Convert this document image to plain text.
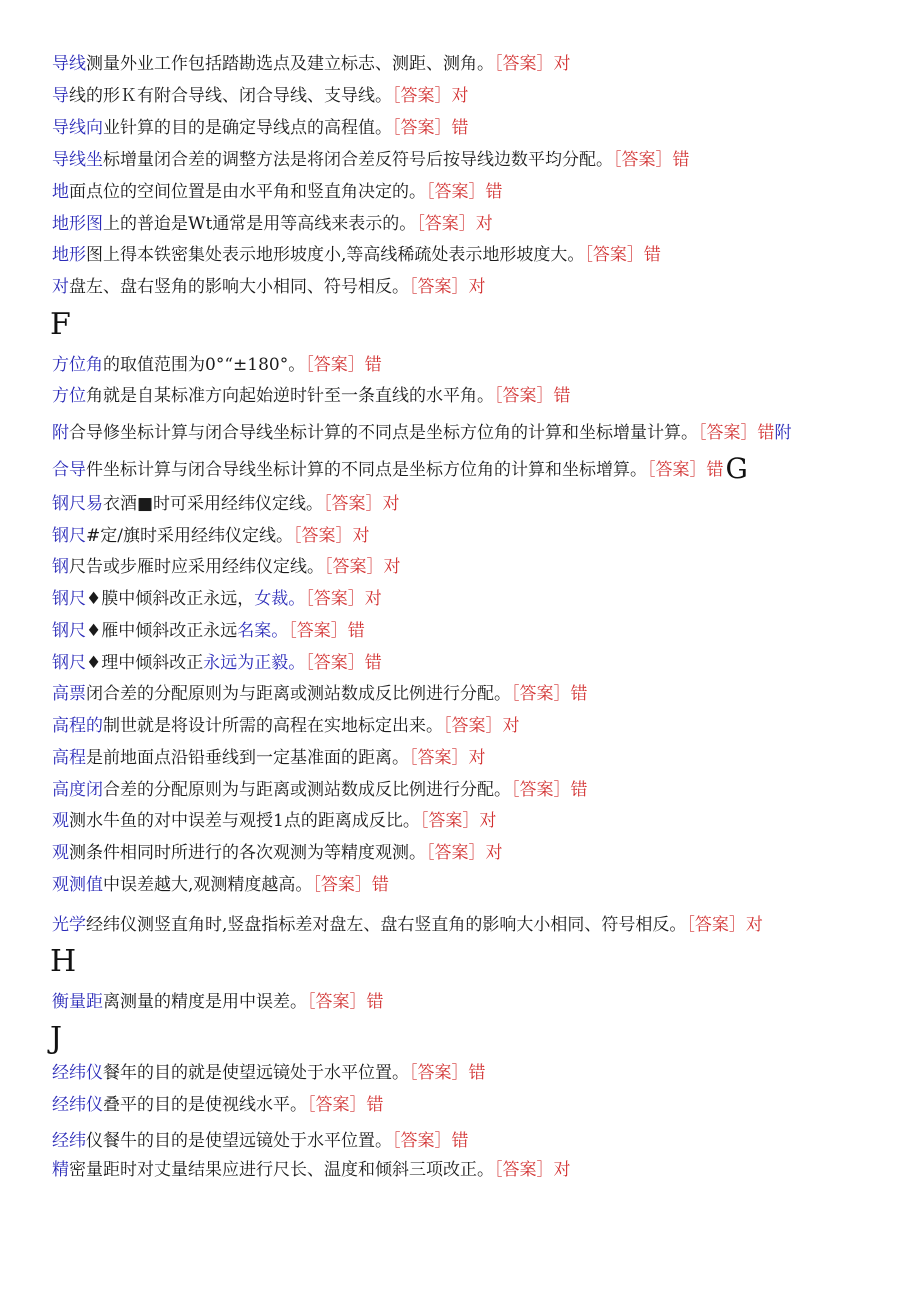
导线测量外业工作包括踏勘选点及建立标志、测距、测角。［答案］对
导线的形Ｋ有附合导线、闭合导线、支导线。［答案］对
导线向业针算的目的是确定导线点的高程值。［答案］错
导线坐标增量闭合差的调整方法是将闭合差反符号后按导线边数平均分配。［答案］错
地面点位的空间位置是由水平角和竖直角决定的。［答案］错
地形图上的普迨是Wt通常是用等高线来表示的。［答案］对
地形图上得本铁密集处表示地形坡度小,等高线稀疏处表示地形坡度大。［答案］错
对盘左、盘右竖角的影响大小相同、符号相反。［答案］对
F
方位角的取值范围为0°“±180°。［答案］错
方位角就是自某标准方向起始逆时针至一条直线的水平角。［答案］错
附合导修坐标计算与闭合导线坐标计算的不同点是坐标方位角的计算和坐标增量计算。［答案］错附
合导件坐标计算与闭合导线坐标计算的不同点是坐标方位角的计算和坐标增算。［答案］错G
钢尺易衣酒■时可采用经纬仪定线。［答案］对
钢尺#定/旗时采用经纬仪定线。［答案］对
钢尺告或步雁时应采用经纬仪定线。［答案］对
钢尺♦膜中倾斜改正永远，女裁。［答案］对
钢尺♦雁中倾斜改正永远名案。［答案］错
钢尺♦理中倾斜改正永远为正毅。［答案］错
高票闭合差的分配原则为与距离或测站数成反比例进行分配。［答案］错
高程的制世就是将设计所需的高程在实地标定出来。［答案］对
高程是前地面点沿铅垂线到一定基准面的距离。［答案］对
高度闭合差的分配原则为与距离或测站数成反比例进行分配。［答案］错
观测水牛鱼的对中误差与观授1点的距离成反比。［答案］对
观测条件相同时所进行的各次观测为等精度观测。［答案］对
观测值中误差越大,观测精度越高。［答案］错
光学经纬仪测竖直角时,竖盘指标差对盘左、盘右竖直角的影响大小相同、符号相反。［答案］对
H
衡量距离测量的精度是用中误差。［答案］错
J
经纬仪餐年的目的就是使望远镜处于水平位置。［答案］错
经纬仪叠平的目的是使视线水平。［答案］错
经纬仪餐牛的目的是使望远镜处于水平位置。［答案］错
精密量距时对丈量结果应进行尺长、温度和倾斜三项改正。［答案］对
